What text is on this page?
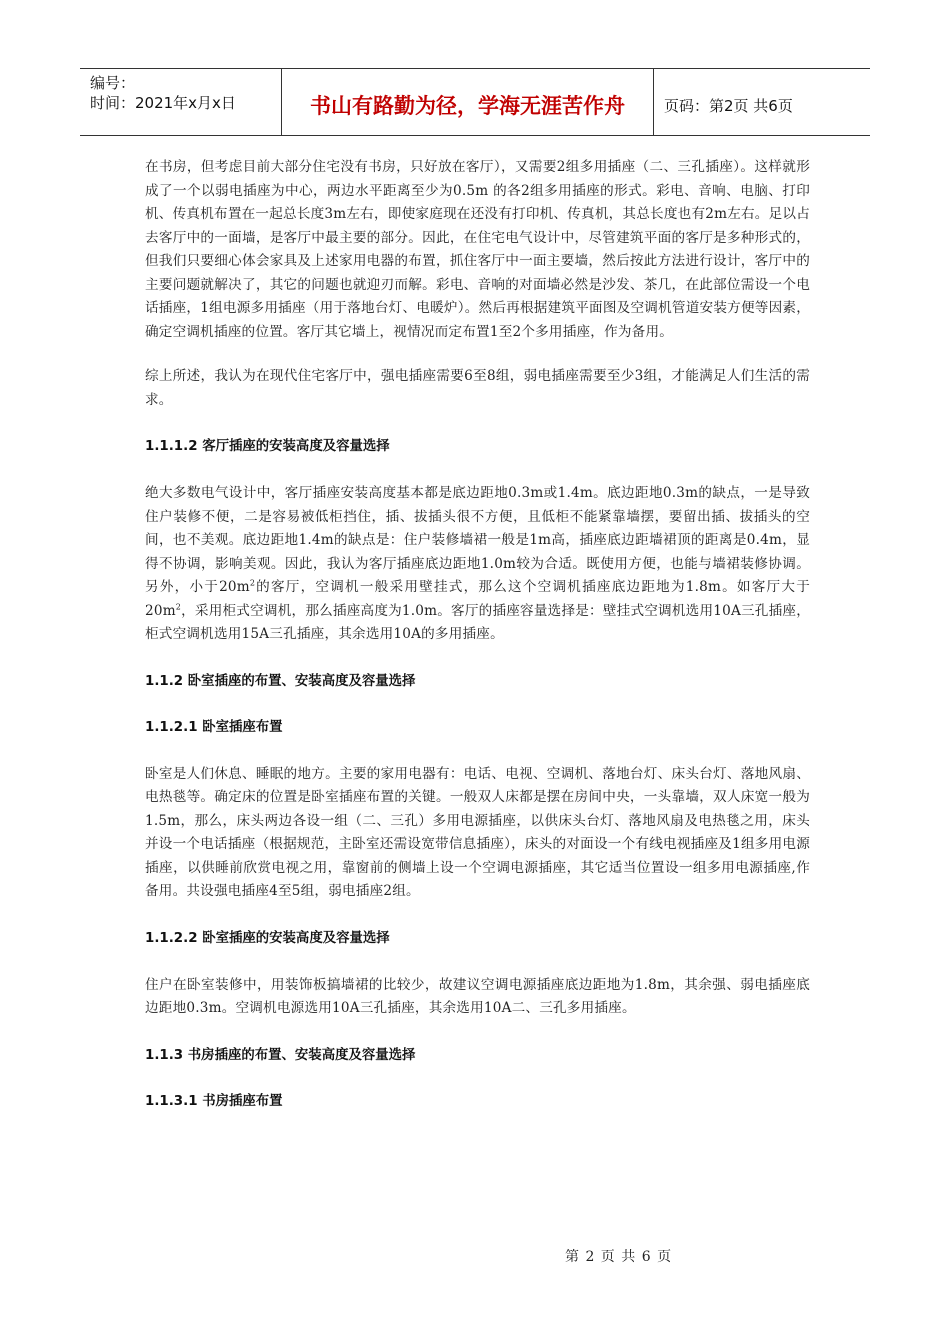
编号：
时间：2021年x月x日	书山有路勤为径，学海无涯苦作舟	页码：第2页 共6页

在书房，但考虑目前大部分住宅没有书房，只好放在客厅），又需要2组多用插座（二、三孔插座）。这样就形成了一个以弱电插座为中心，两边水平距离至少为0.5m 的各2组多用插座的形式。彩电、音响、电脑、打印机、传真机布置在一起总长度3m左右，即使家庭现在还没有打印机、传真机，其总长度也有2m左右。足以占去客厅中的一面墙，是客厅中最主要的部分。因此，在住宅电气设计中，尽管建筑平面的客厅是多种形式的，但我们只要细心体会家具及上述家用电器的布置，抓住客厅中一面主要墙，然后按此方法进行设计，客厅中的主要问题就解决了，其它的问题也就迎刃而解。彩电、音响的对面墙必然是沙发、茶几，在此部位需设一个电话插座，1组电源多用插座（用于落地台灯、电暖炉）。然后再根据建筑平面图及空调机管道安装方便等因素，确定空调机插座的位置。客厅其它墙上，视情况而定布置1至2个多用插座，作为备用。

综上所述，我认为在现代住宅客厅中，强电插座需要6至8组，弱电插座需要至少3组，才能满足人们生活的需求。

1.1.1.2 客厅插座的安装高度及容量选择

绝大多数电气设计中，客厅插座安装高度基本都是底边距地0.3m或1.4m。底边距地0.3m的缺点，一是导致住户装修不便，二是容易被低柜挡住，插、拔插头很不方便，且低柜不能紧靠墙摆，要留出插、拔插头的空间，也不美观。底边距地1.4m的缺点是：住户装修墙裙一般是1m高，插座底边距墙裙顶的距离是0.4m，显得不协调，影响美观。因此，我认为客厅插座底边距地1.0m较为合适。既使用方便，也能与墙裙装修协调。另外，小于$20m^2$的客厅，空调机一般采用壁挂式，那么这个空调机插座底边距地为1.8m。如客厅大于$20m^2$，采用柜式空调机，那么插座高度为1.0m。客厅的插座容量选择是：壁挂式空调机选用10A三孔插座，柜式空调机选用15A三孔插座，其余选用10A的多用插座。

1.1.2 卧室插座的布置、安装高度及容量选择

1.1.2.1 卧室插座布置

卧室是人们休息、睡眠的地方。主要的家用电器有：电话、电视、空调机、落地台灯、床头台灯、落地风扇、电热毯等。确定床的位置是卧室插座布置的关键。一般双人床都是摆在房间中央，一头靠墙，双人床宽一般为1.5m，那么，床头两边各设一组（二、三孔）多用电源插座，以供床头台灯、落地风扇及电热毯之用，床头并设一个电话插座（根据规范，主卧室还需设宽带信息插座），床头的对面设一个有线电视插座及1组多用电源插座，以供睡前欣赏电视之用，靠窗前的侧墙上设一个空调电源插座，其它适当位置设一组多用电源插座,作备用。共设强电插座4至5组，弱电插座2组。

1.1.2.2 卧室插座的安装高度及容量选择

住户在卧室装修中，用装饰板搞墙裙的比较少，故建议空调电源插座底边距地为1.8m，其余强、弱电插座底边距地0.3m。空调机电源选用10A三孔插座，其余选用10A二、三孔多用插座。

1.1.3 书房插座的布置、安装高度及容量选择

1.1.3.1 书房插座布置

第 2 页 共 6 页
